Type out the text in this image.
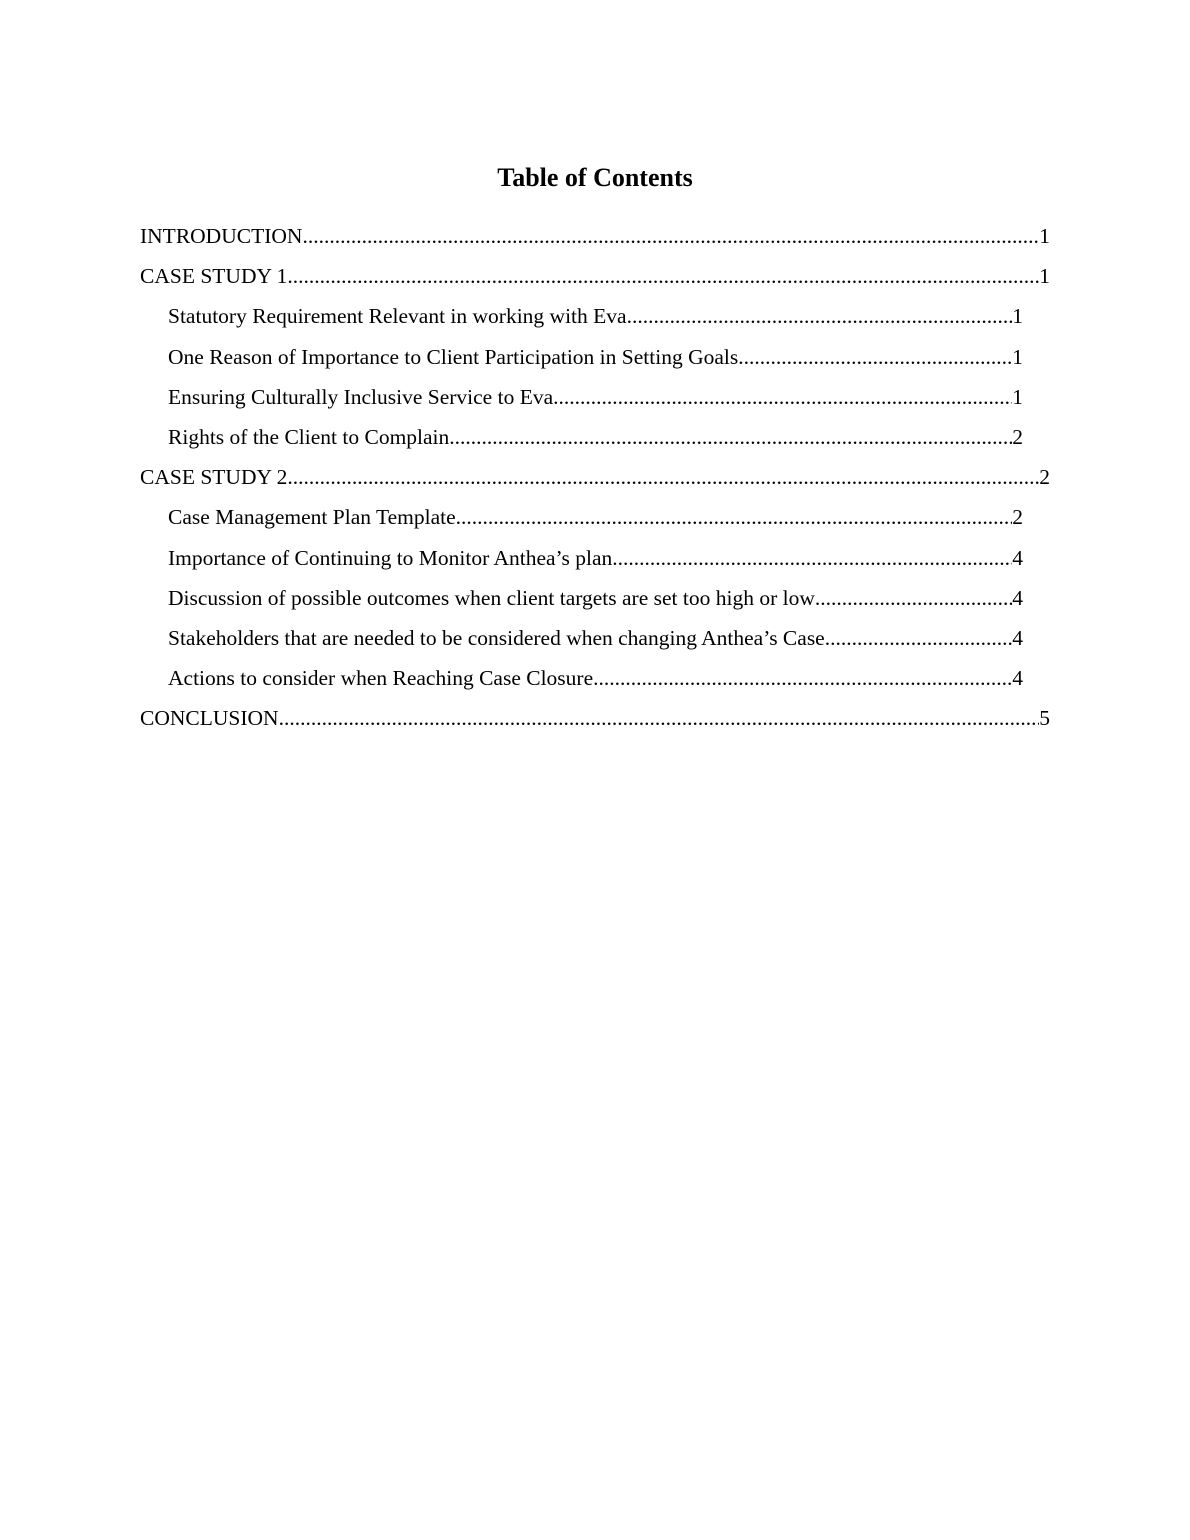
Table of Contents
INTRODUCTION .....	1
CASE STUDY 1 .....	1
Statutory Requirement Relevant in working with Eva .....	1
One Reason of Importance to Client Participation in Setting Goals .....	1
Ensuring Culturally Inclusive Service to Eva .....	1
Rights of the Client to Complain .....	2
CASE STUDY 2 .....	2
Case Management Plan Template .....	2
Importance of Continuing to Monitor Anthea’s plan .....	4
Discussion of possible outcomes when client targets are set too high or low .....	4
Stakeholders that are needed to be considered when changing Anthea’s Case .....	4
Actions to consider when Reaching Case Closure .....	4
CONCLUSION .....	5
